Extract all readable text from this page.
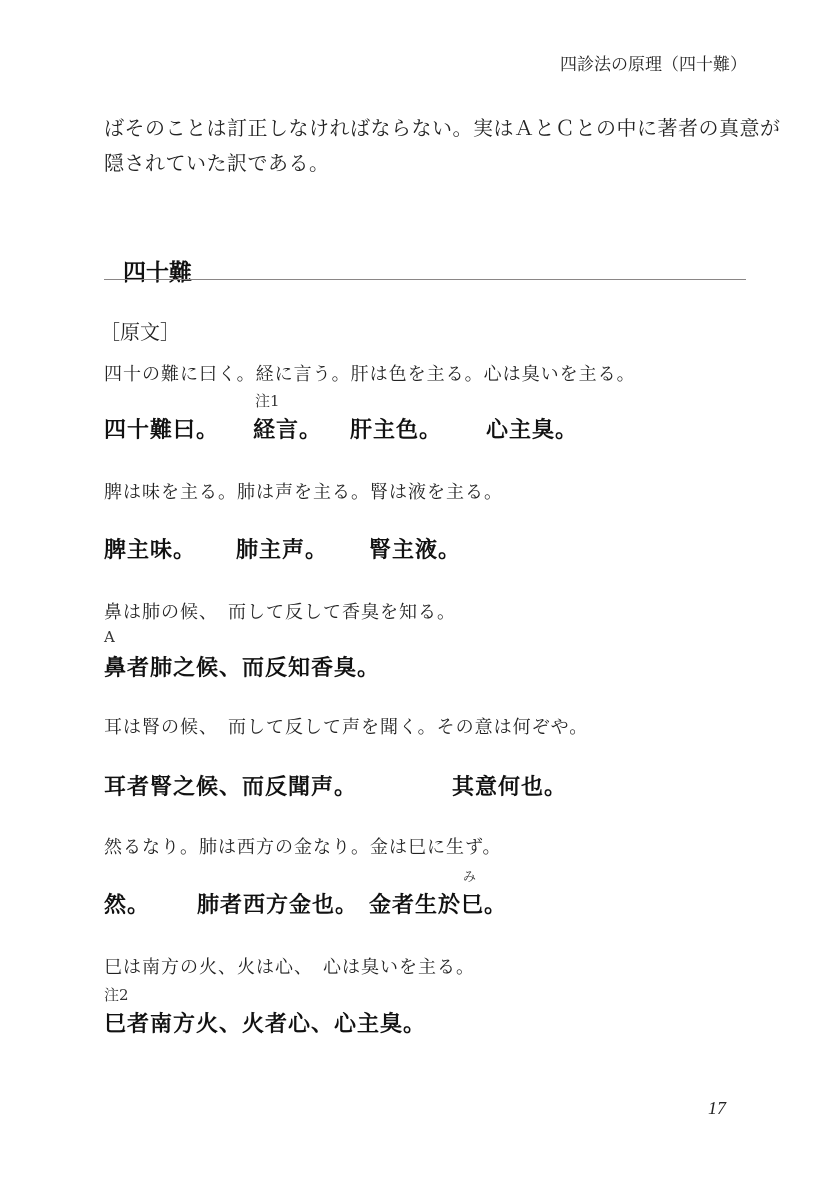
四診法の原理（四十難）
ばそのことは訂正しなければならない。実はＡとＣとの中に著者の真意が
隠されていた訳である。
四十難
［原文］
四十の難に曰く。経に言う。肝は色を主る。心は臭いを主る。
注1
四十難曰。 経言。 肝主色。 心主臭。
脾は味を主る。肺は声を主る。腎は液を主る。
脾主味。 肺主声。 腎主液。
鼻は肺の候、　而して反して香臭を知る。
A
鼻者肺之候、而反知香臭。
耳は腎の候、　而して反して声を聞く。その意は何ぞや。
耳者腎之候、而反聞声。	其意何也。
然るなり。肺は西方の金なり。金は巳に生ず。
み
然。 肺者西方金也。 金者生於巳。
巳は南方の火、火は心、　心は臭いを主る。
注2
巳者南方火、火者心、心主臭。
17
